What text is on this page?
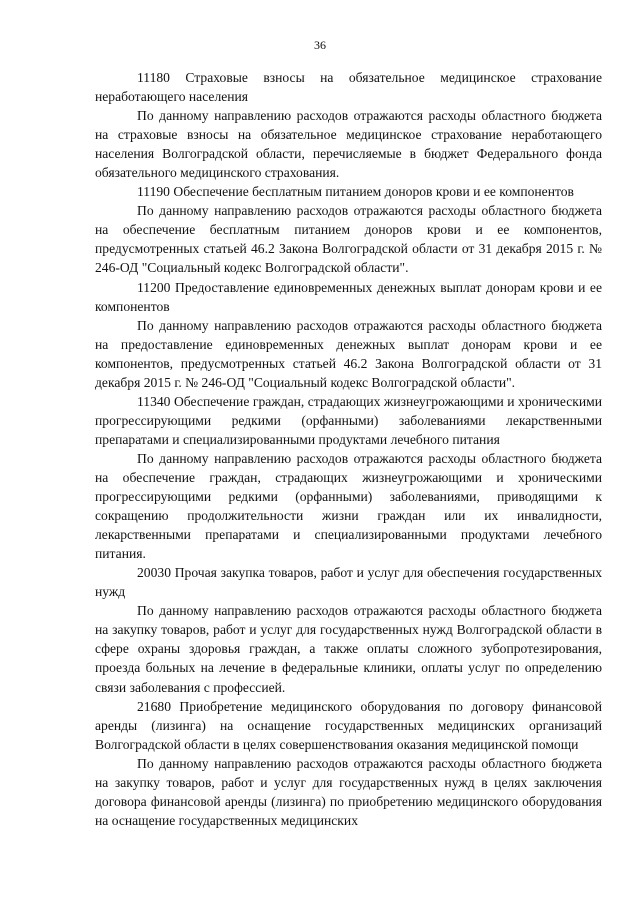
36

11180 Страховые взносы на обязательное медицинское страхование неработающего населения

По данному направлению расходов отражаются расходы областного бюджета на страховые взносы на обязательное медицинское страхование неработающего населения Волгоградской области, перечисляемые в бюджет Федерального фонда обязательного медицинского страхования.

11190 Обеспечение бесплатным питанием доноров крови и ее компонентов

По данному направлению расходов отражаются расходы областного бюджета на обеспечение бесплатным питанием доноров крови и ее компонентов, предусмотренных статьей 46.2 Закона Волгоградской области от 31 декабря 2015 г. № 246-ОД "Социальный кодекс Волгоградской области".

11200 Предоставление единовременных денежных выплат донорам крови и ее компонентов

По данному направлению расходов отражаются расходы областного бюджета на предоставление единовременных денежных выплат донорам крови и ее компонентов, предусмотренных статьей 46.2 Закона Волгоградской области от 31 декабря 2015 г. № 246-ОД "Социальный кодекс Волгоградской области".

11340 Обеспечение граждан, страдающих жизнеугрожающими и хроническими прогрессирующими редкими (орфанными) заболеваниями лекарственными препаратами и специализированными продуктами лечебного питания

По данному направлению расходов отражаются расходы областного бюджета на обеспечение граждан, страдающих жизнеугрожающими и хроническими прогрессирующими редкими (орфанными) заболеваниями, приводящими к сокращению продолжительности жизни граждан или их инвалидности, лекарственными препаратами и специализированными продуктами лечебного питания.

20030 Прочая закупка товаров, работ и услуг для обеспечения государственных нужд

По данному направлению расходов отражаются расходы областного бюджета на закупку товаров, работ и услуг для государственных нужд Волгоградской области в сфере охраны здоровья граждан, а также оплаты сложного зубопротезирования, проезда больных на лечение в федеральные клиники, оплаты услуг по определению связи заболевания с профессией.

21680 Приобретение медицинского оборудования по договору финансовой аренды (лизинга) на оснащение государственных медицинских организаций Волгоградской области в целях совершенствования оказания медицинской помощи

По данному направлению расходов отражаются расходы областного бюджета на закупку товаров, работ и услуг для государственных нужд в целях заключения договора финансовой аренды (лизинга) по приобретению медицинского оборудования на оснащение государственных медицинских
